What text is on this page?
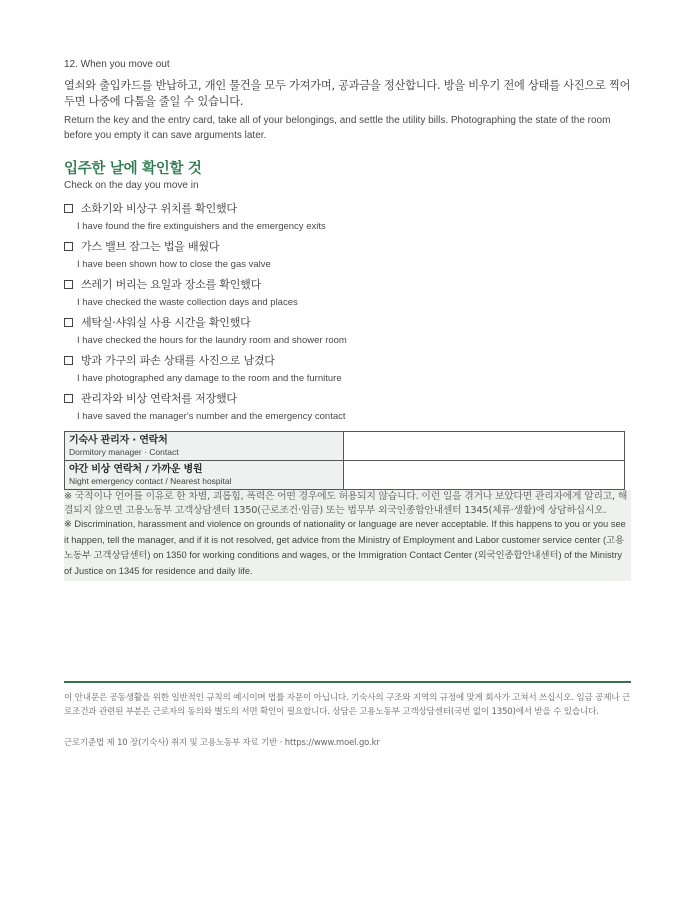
12. When you move out
열쇠와 출입카드를 반납하고, 개인 물건을 모두 가져가며, 공과금을 정산합니다. 방을 비우기 전에 상태를 사진으로 찍어 두면 나중에 다툼을 줄일 수 있습니다.
Return the key and the entry card, take all of your belongings, and settle the utility bills. Photographing the state of the room before you empty it can save arguments later.
입주한 날에 확인할 것
Check on the day you move in
소화기와 비상구 위치를 확인했다
I have found the fire extinguishers and the emergency exits
가스 밸브 잠그는 법을 배웠다
I have been shown how to close the gas valve
쓰레기 버리는 요일과 장소를 확인했다
I have checked the waste collection days and places
세탁실·샤워실 사용 시간을 확인했다
I have checked the hours for the laundry room and shower room
방과 가구의 파손 상태를 사진으로 남겼다
I have photographed any damage to the room and the furniture
관리자와 비상 연락처를 저장했다
I have saved the manager's number and the emergency contact
기숙사 관리자 · 연락처
Dormitory manager · Contact	

야간 비상 연락처 / 가까운 병원
Night emergency contact / Nearest hospital	

※ 국적이나 언어를 이유로 한 차별, 괴롭힘, 폭력은 어떤 경우에도 허용되지 않습니다. 이런 일을 겪거나 보았다면 관리자에게 알리고, 해결되지 않으면 고용노동부 고객상담센터 1350(근로조건·임금) 또는 법무부 외국인종합안내센터 1345(체류·생활)에 상담하십시오.

※ Discrimination, harassment and violence on grounds of nationality or language are never acceptable. If this happens to you or you see it happen, tell the manager, and if it is not resolved, get advice from the Ministry of Employment and Labor customer service center (고용노동부 고객상담센터) on 1350 for working conditions and wages, or the Immigration Contact Center (외국인종합안내센터) of the Ministry of Justice on 1345 for residence and daily life.

이 안내문은 공동생활을 위한 일반적인 규칙의 예시이며 법률 자문이 아닙니다. 기숙사의 구조와 지역의 규정에 맞게 회사가 고쳐서 쓰십시오. 임금 공제나 근로조건과 관련된 부분은 근로자의 동의와 별도의 서면 확인이 필요합니다. 상담은 고용노동부 고객상담센터(국번 없이 1350)에서 받을 수 있습니다.

근로기준법 제 10 장(기숙사) 취지 및 고용노동부 자료 기반 · https://www.moel.go.kr
